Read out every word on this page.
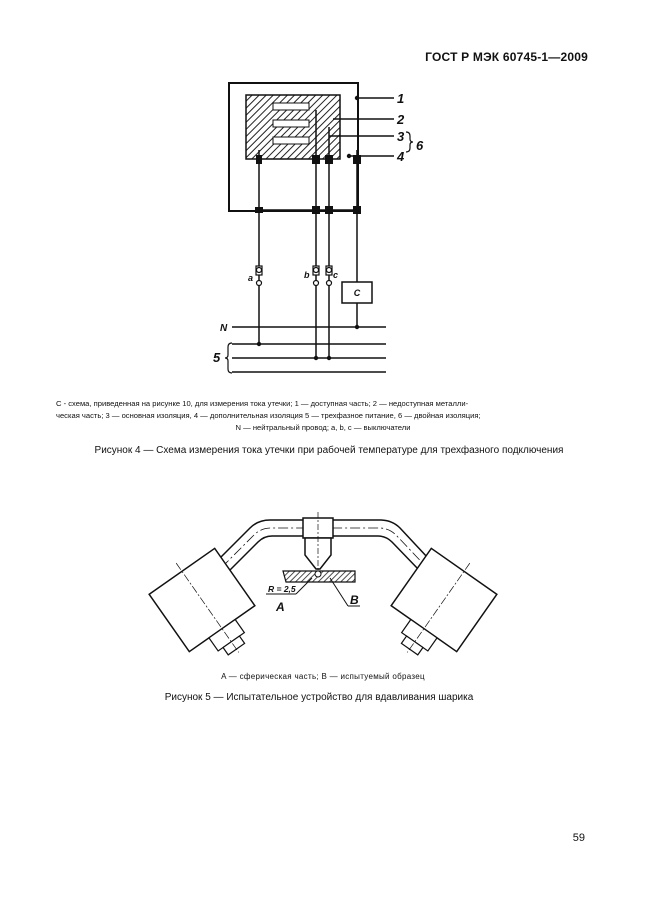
ГОСТ Р МЭК 60745-1—2009
C
a	b	c
N
5
1
2
3
4
6

C - схема, приведенная на рисунке 10, для измерения тока утечки; 1 — доступная часть; 2 — недоступная металли-

ческая часть; 3 — основная изоляция, 4 — дополнительная изоляция 5 — трехфазное питание, 6 — двойная изоляция;

N — нейтральный провод; a, b, c — выключатели

Рисунок 4 — Схема измерения тока утечки при рабочей температуре для трехфазного подключения
R = 2,5
A	B
A — сферическая часть; B — испытуемый образец
Рисунок 5 — Испытательное устройство для вдавливания шарика
59
